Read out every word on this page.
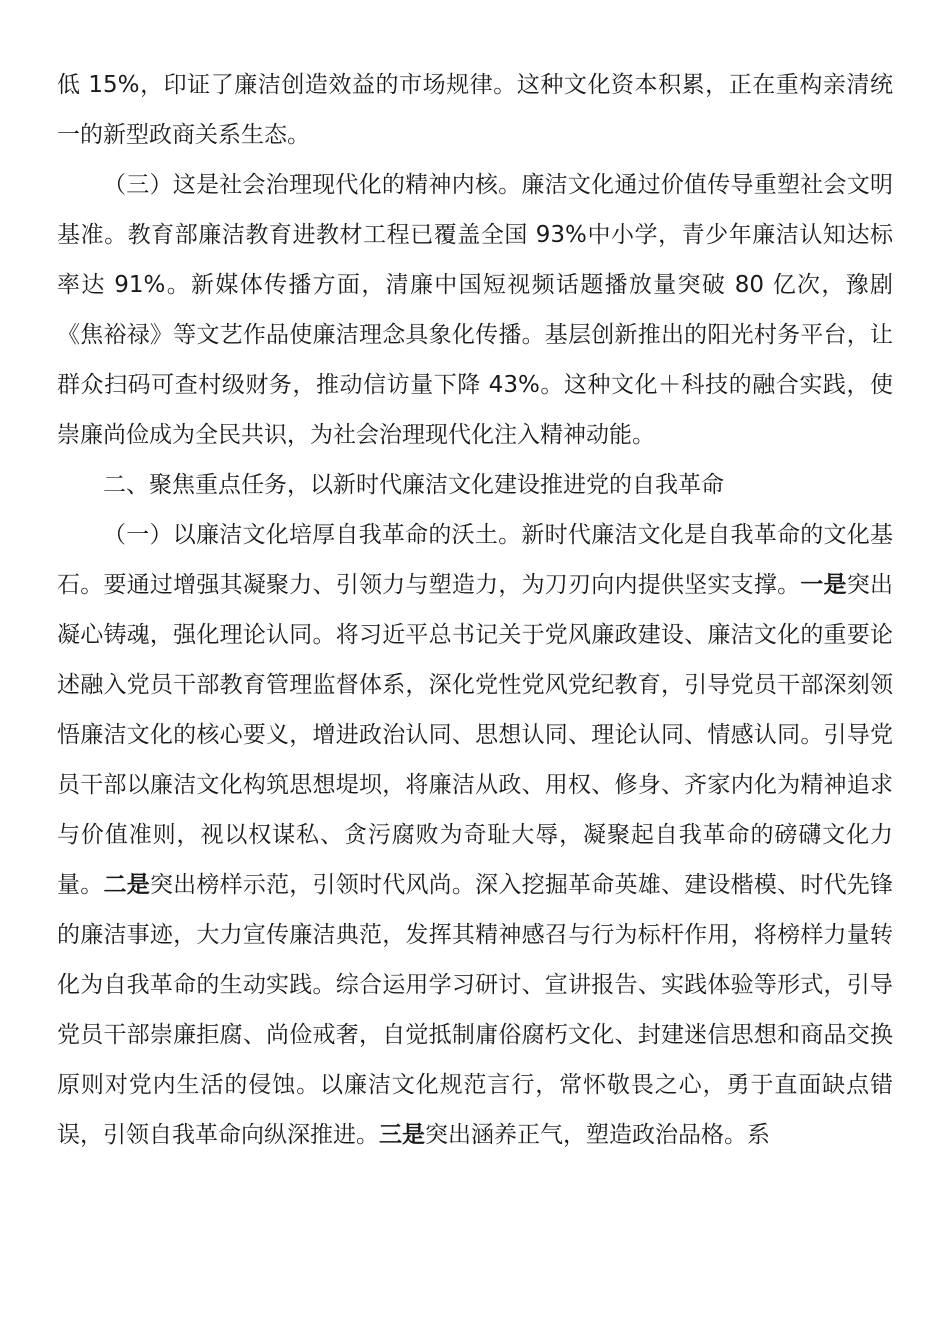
低 15%，印证了廉洁创造效益的市场规律。这种文化资本积累，正在重构亲清统一的新型政商关系生态。

（三）这是社会治理现代化的精神内核。廉洁文化通过价值传导重塑社会文明基准。教育部廉洁教育进教材工程已覆盖全国 93%中小学，青少年廉洁认知达标率达 91%。新媒体传播方面，清廉中国短视频话题播放量突破 80 亿次，豫剧《焦裕禄》等文艺作品使廉洁理念具象化传播。基层创新推出的阳光村务平台，让群众扫码可查村级财务，推动信访量下降 43%。这种文化＋科技的融合实践，使崇廉尚俭成为全民共识，为社会治理现代化注入精神动能。

二、聚焦重点任务，以新时代廉洁文化建设推进党的自我革命

（一）以廉洁文化培厚自我革命的沃土。新时代廉洁文化是自我革命的文化基石。要通过增强其凝聚力、引领力与塑造力，为刀刃向内提供坚实支撑。一是突出凝心铸魂，强化理论认同。将习近平总书记关于党风廉政建设、廉洁文化的重要论述融入党员干部教育管理监督体系，深化党性党风党纪教育，引导党员干部深刻领悟廉洁文化的核心要义，增进政治认同、思想认同、理论认同、情感认同。引导党员干部以廉洁文化构筑思想堤坝，将廉洁从政、用权、修身、齐家内化为精神追求与价值准则，视以权谋私、贪污腐败为奇耻大辱，凝聚起自我革命的磅礴文化力量。二是突出榜样示范，引领时代风尚。深入挖掘革命英雄、建设楷模、时代先锋的廉洁事迹，大力宣传廉洁典范，发挥其精神感召与行为标杆作用，将榜样力量转化为自我革命的生动实践。综合运用学习研讨、宣讲报告、实践体验等形式，引导党员干部崇廉拒腐、尚俭戒奢，自觉抵制庸俗腐朽文化、封建迷信思想和商品交换原则对党内生活的侵蚀。以廉洁文化规范言行，常怀敬畏之心，勇于直面缺点错误，引领自我革命向纵深推进。三是突出涵养正气，塑造政治品格。系
